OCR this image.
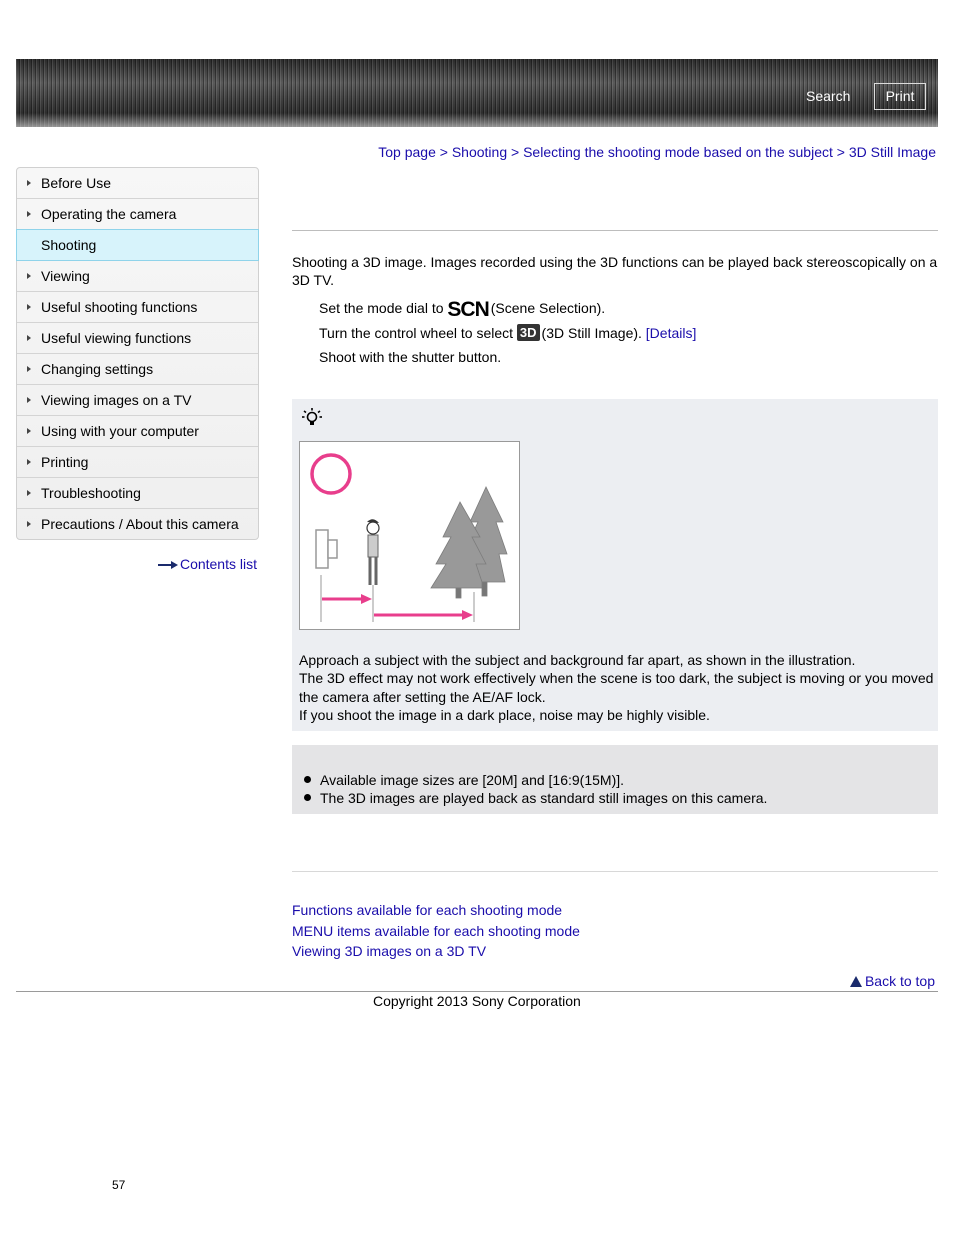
Search	Print
Top page > Shooting > Selecting the shooting mode based on the subject > 3D Still Image
Before Use
Operating the camera
Shooting
Viewing
Useful shooting functions
Useful viewing functions
Changing settings
Viewing images on a TV
Using with your computer
Printing
Troubleshooting
Precautions / About this camera
Contents list
Shooting a 3D image. Images recorded using the 3D functions can be played back stereoscopically on a 3D TV.
Set the mode dial to SCN (Scene Selection).
Turn the control wheel to select 3D (3D Still Image). [Details]
Shoot with the shutter button.
Approach a subject with the subject and background far apart, as shown in the illustration.
The 3D effect may not work effectively when the scene is too dark, the subject is moving or you moved the camera after setting the AE/AF lock.
If you shoot the image in a dark place, noise may be highly visible.
Available image sizes are [20M] and [16:9(15M)].
The 3D images are played back as standard still images on this camera.
Functions available for each shooting mode
MENU items available for each shooting mode
Viewing 3D images on a 3D TV
Back to top
Copyright 2013 Sony Corporation
57
